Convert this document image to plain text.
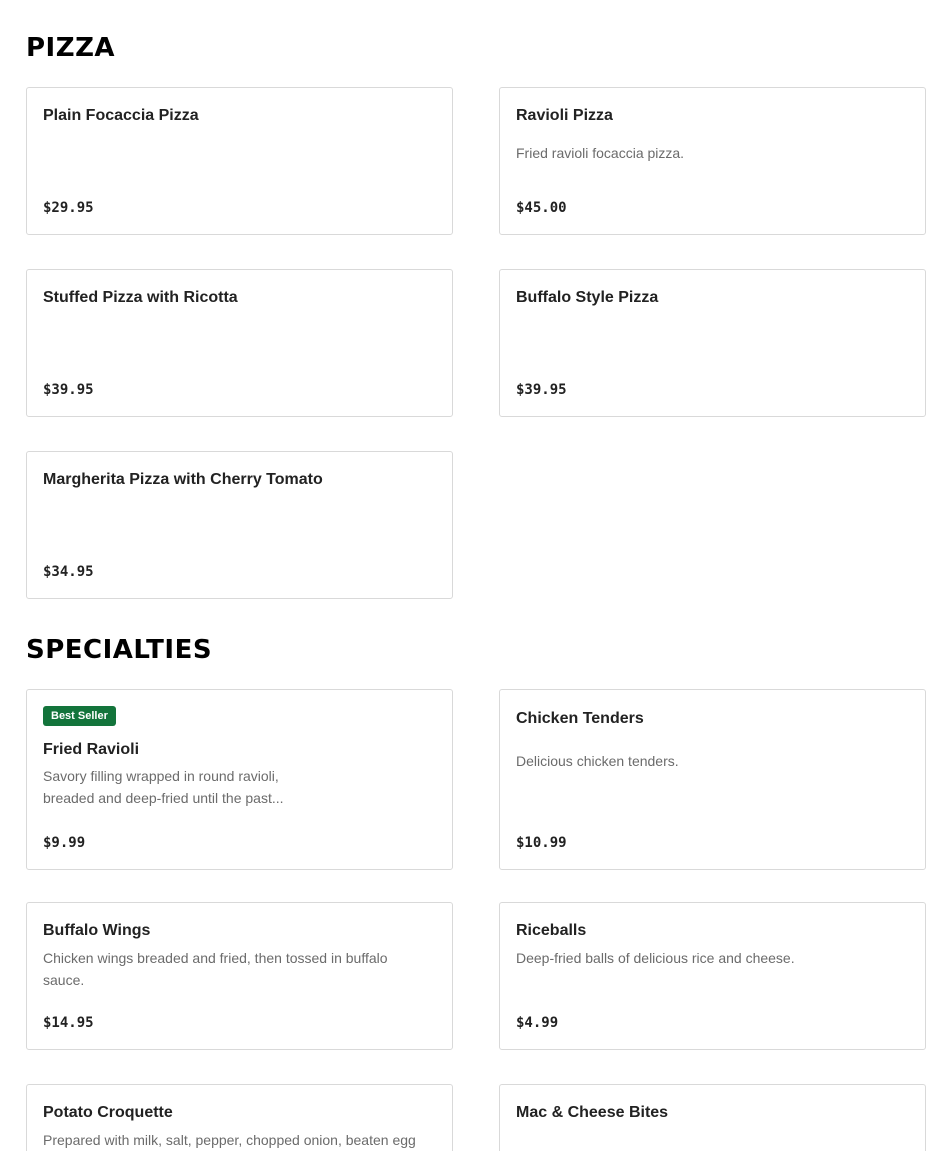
PIZZA
Plain Focaccia Pizza
$29.95
Ravioli Pizza
Fried ravioli focaccia pizza.
$45.00
Stuffed Pizza with Ricotta
$39.95
Buffalo Style Pizza
$39.95
Margherita Pizza with Cherry Tomato
$34.95
SPECIALTIES
Best Seller
Fried Ravioli
Savory filling wrapped in round ravioli, breaded and deep-fried until the past...
$9.99
Chicken Tenders
Delicious chicken tenders.
$10.99
Buffalo Wings
Chicken wings breaded and fried, then tossed in buffalo sauce.
$14.95
Riceballs
Deep-fried balls of delicious rice and cheese.
$4.99
Potato Croquette
Prepared with milk, salt, pepper, chopped onion, beaten egg
Mac & Cheese Bites
